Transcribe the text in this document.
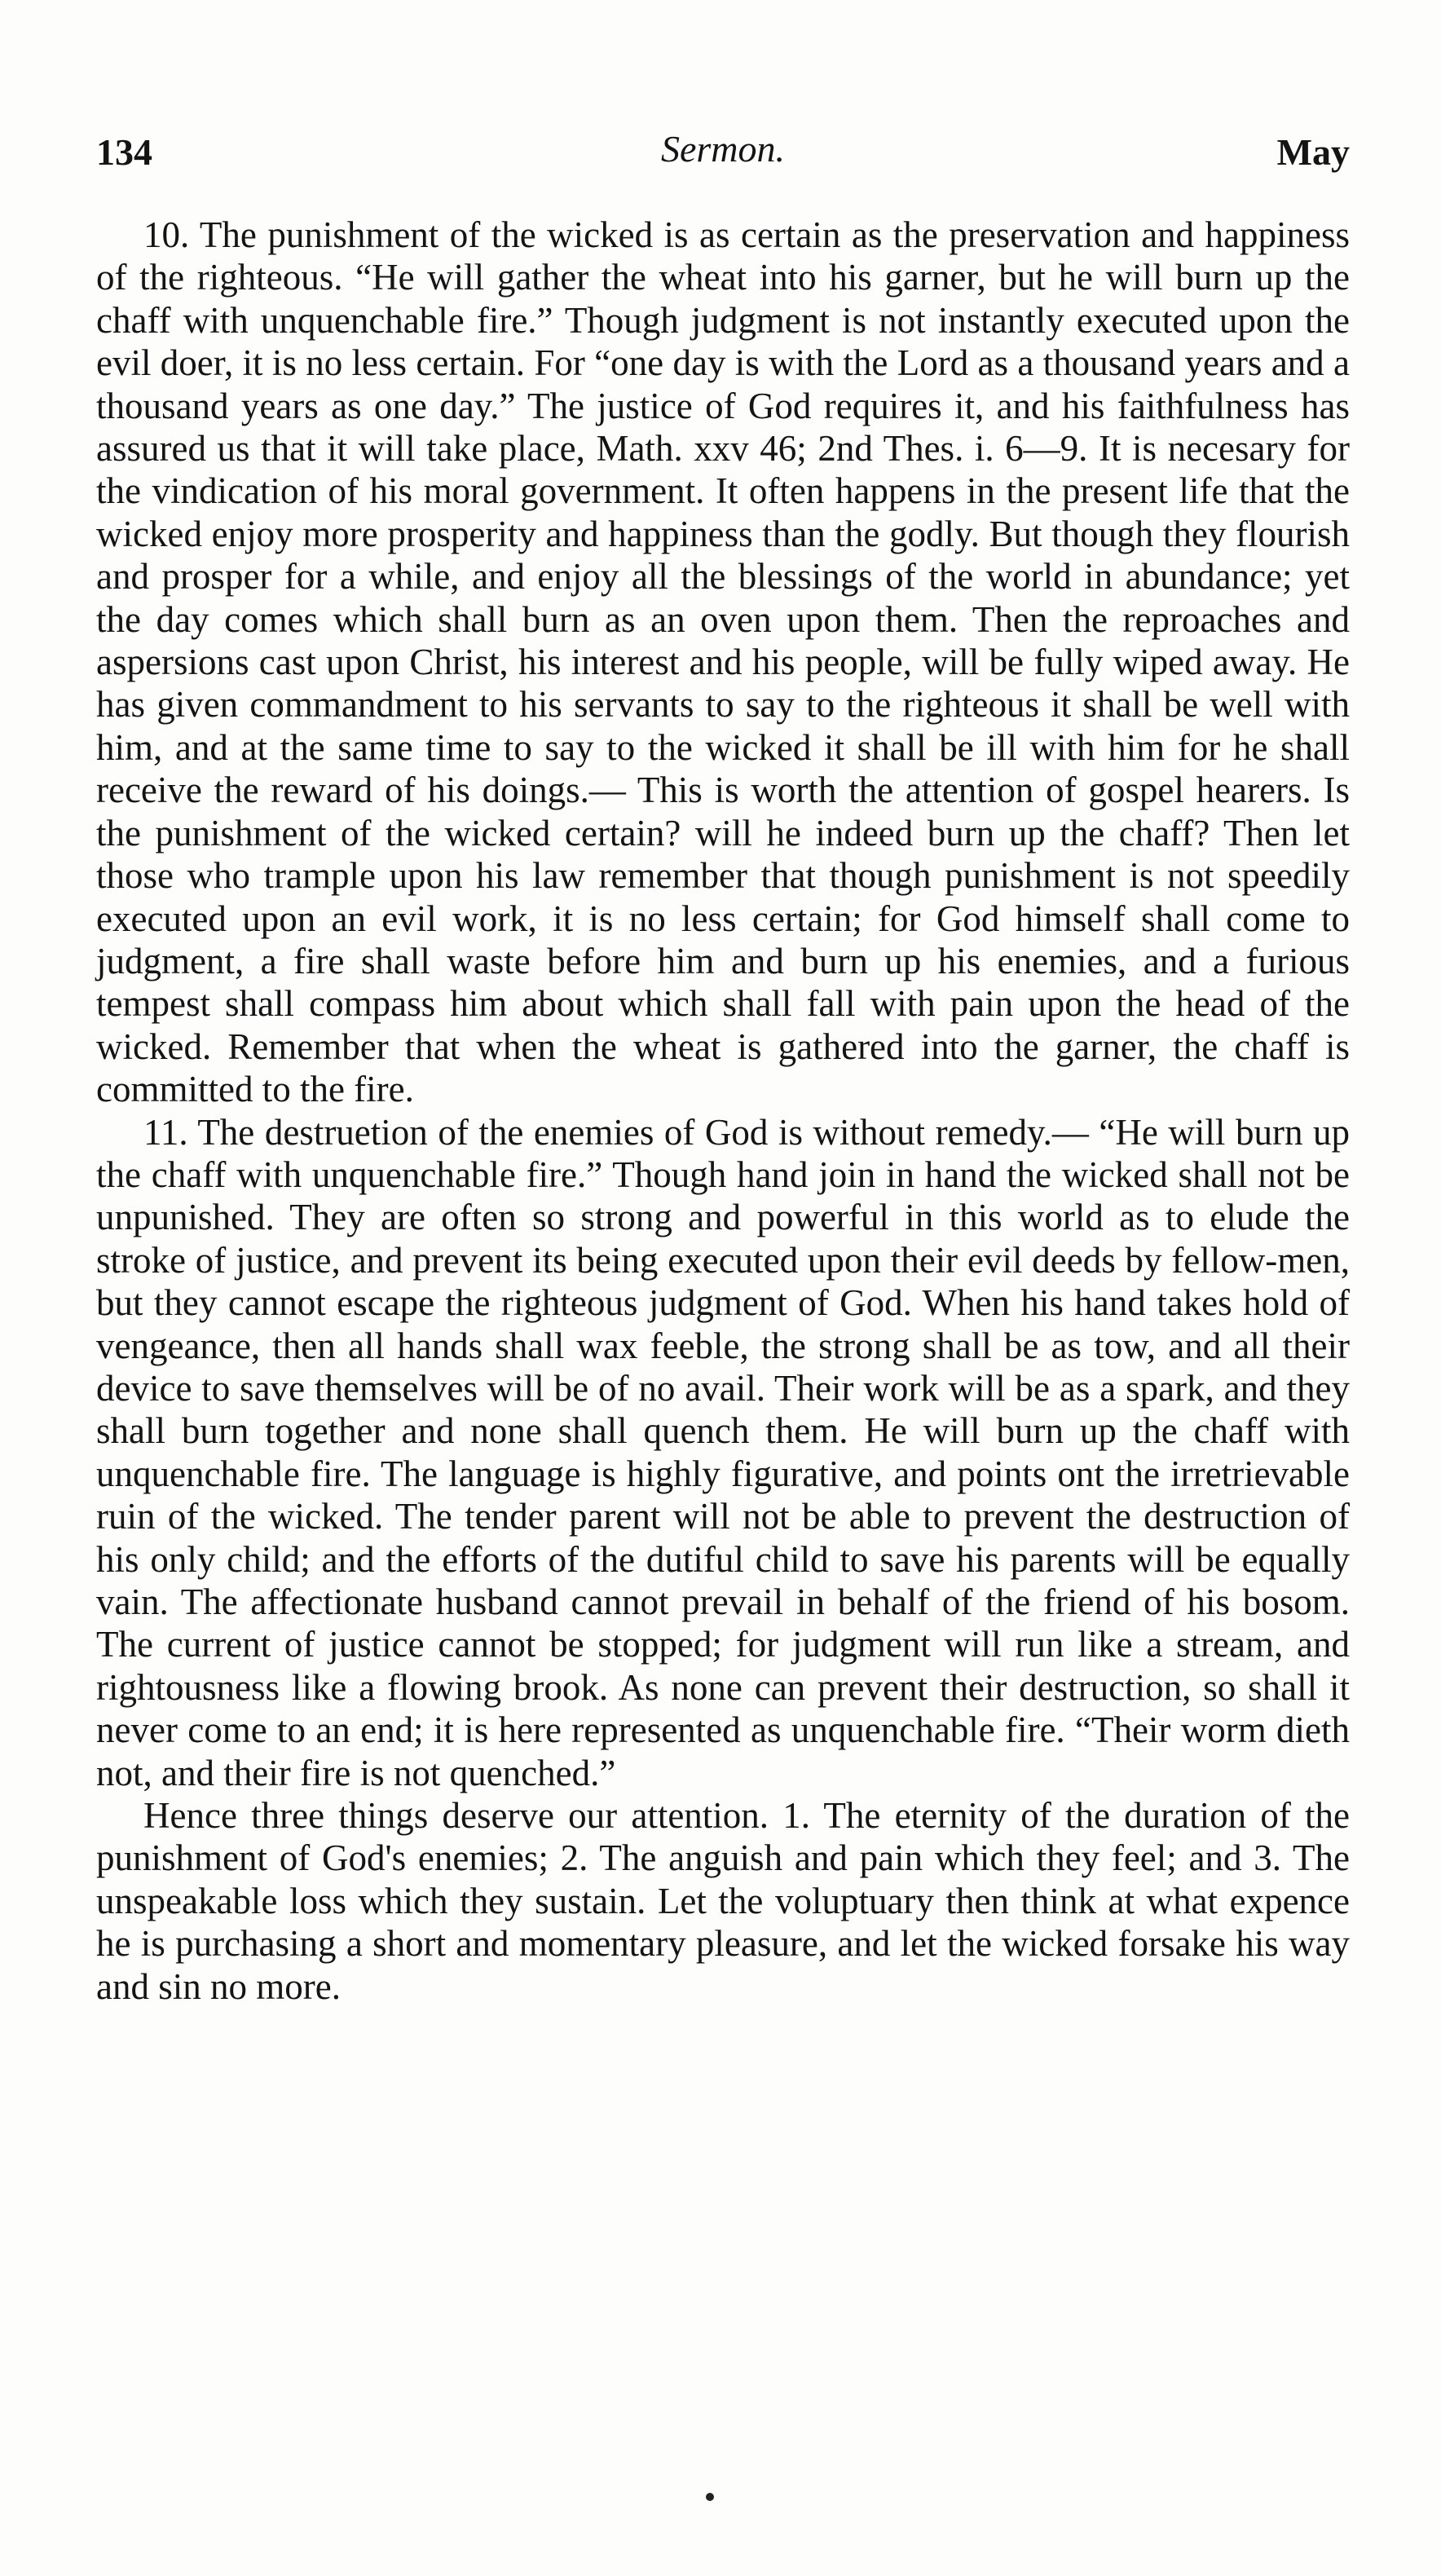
134	Sermon.	May

10. The punishment of the wicked is as certain as the preservation and happiness of the righteous. “He will gather the wheat into his garner, but he will burn up the chaff with unquenchable fire.” Though judgment is not instantly executed upon the evil doer, it is no less certain. For “one day is with the Lord as a thousand years and a thousand years as one day.” The justice of God requires it, and his faithfulness has assured us that it will take place, Math. xxv 46; 2nd Thes. i. 6—9. It is necesary for the vindication of his moral government. It often happens in the present life that the wicked enjoy more prosperity and happiness than the godly. But though they flourish and prosper for a while, and enjoy all the blessings of the world in abundance; yet the day comes which shall burn as an oven upon them. Then the reproaches and aspersions cast upon Christ, his interest and his people, will be fully wiped away. He has given commandment to his servants to say to the righteous it shall be well with him, and at the same time to say to the wicked it shall be ill with him for he shall receive the reward of his doings.— This is worth the attention of gospel hearers. Is the punishment of the wicked certain? will he indeed burn up the chaff? Then let those who trample upon his law remember that though punishment is not speedily executed upon an evil work, it is no less certain; for God himself shall come to judgment, a fire shall waste before him and burn up his enemies, and a furious tempest shall compass him about which shall fall with pain upon the head of the wicked. Remember that when the wheat is gathered into the garner, the chaff is committed to the fire.

11. The destruetion of the enemies of God is without remedy.— “He will burn up the chaff with unquenchable fire.” Though hand join in hand the wicked shall not be unpunished. They are often so strong and powerful in this world as to elude the stroke of justice, and prevent its being executed upon their evil deeds by fellow-men, but they cannot escape the righteous judgment of God. When his hand takes hold of vengeance, then all hands shall wax feeble, the strong shall be as tow, and all their device to save themselves will be of no avail. Their work will be as a spark, and they shall burn together and none shall quench them. He will burn up the chaff with unquenchable fire. The language is highly figurative, and points ont the irretrievable ruin of the wicked. The tender parent will not be able to prevent the destruction of his only child; and the efforts of the dutiful child to save his parents will be equally vain. The affectionate husband cannot prevail in behalf of the friend of his bosom. The current of justice cannot be stopped; for judgment will run like a stream, and rightousness like a flowing brook. As none can prevent their destruction, so shall it never come to an end; it is here represented as unquenchable fire. “Their worm dieth not, and their fire is not quenched.”

Hence three things deserve our attention. 1. The eternity of the duration of the punishment of God's enemies; 2. The anguish and pain which they feel; and 3. The unspeakable loss which they sustain. Let the voluptuary then think at what expence he is purchasing a short and momentary pleasure, and let the wicked forsake his way and sin no more.
